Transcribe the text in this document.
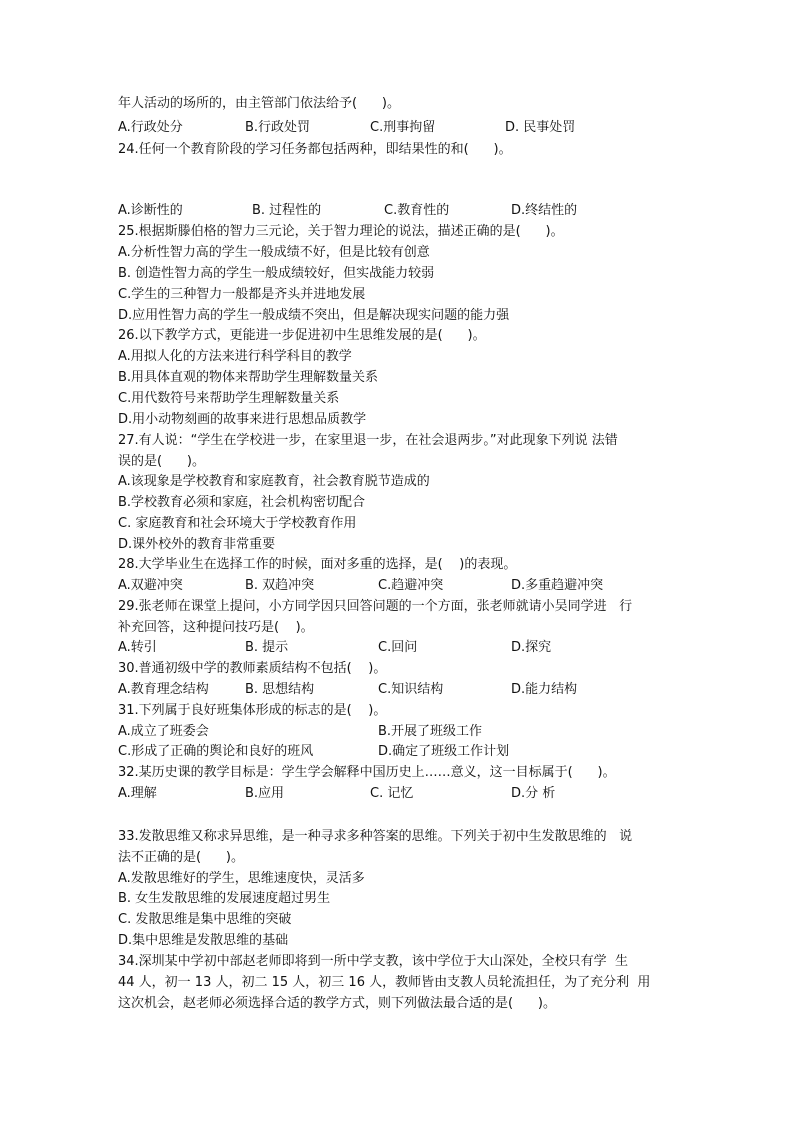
年人活动的场所的，由主管部门依法给予(      )。
A.行政处分	B.行政处罚	C.刑事拘留	D. 民事处罚
24.任何一个教育阶段的学习任务都包括两种，即结果性的和(      )。
A.诊断性的	B. 过程性的	C.教育性的	D.终结性的
25.根据斯滕伯格的智力三元论，关于智力理论的说法，描述正确的是(      )。
A.分析性智力高的学生一般成绩不好，但是比较有创意
B. 创造性智力高的学生一般成绩较好，但实战能力较弱
C.学生的三种智力一般都是齐头并进地发展
D.应用性智力高的学生一般成绩不突出，但是解决现实问题的能力强
26.以下教学方式，更能进一步促进初中生思维发展的是(      )。
A.用拟人化的方法来进行科学科目的教学
B.用具体直观的物体来帮助学生理解数量关系
C.用代数符号来帮助学生理解数量关系
D.用小动物刻画的故事来进行思想品质教学
27.有人说：“学生在学校进一步，在家里退一步，在社会退两步。”对此现象下列说 法错
误的是(      )。
A.该现象是学校教育和家庭教育，社会教育脱节造成的
B.学校教育必须和家庭，社会机构密切配合
C. 家庭教育和社会环境大于学校教育作用
D.课外校外的教育非常重要
28.大学毕业生在选择工作的时候，面对多重的选择，是(    )的表现。
A.双避冲突	B. 双趋冲突	C.趋避冲突	D.多重趋避冲突
29.张老师在课堂上提问，小方同学因只回答问题的一个方面，张老师就请小吴同学进   行
补充回答，这种提问技巧是(    )。
A.转引	B. 提示	C.回问	D.探究
30.普通初级中学的教师素质结构不包括(    )。
A.教育理念结构	B. 思想结构	C.知识结构	D.能力结构
31.下列属于良好班集体形成的标志的是(    )。
A.成立了班委会	B.开展了班级工作
C.形成了正确的舆论和良好的班风	D.确定了班级工作计划
32.某历史课的教学目标是：学生学会解释中国历史上……意义，这一目标属于(      )。
A.理解	B.应用	C. 记忆	D.分 析
33.发散思维又称求异思维，是一种寻求多种答案的思维。下列关于初中生发散思维的   说
法不正确的是(      )。
A.发散思维好的学生，思维速度快，灵活多
B. 女生发散思维的发展速度超过男生
C. 发散思维是集中思维的突破
D.集中思维是发散思维的基础
34.深圳某中学初中部赵老师即将到一所中学支教，该中学位于大山深处，全校只有学  生
44 人，初一 13 人，初二 15 人，初三 16 人，教师皆由支教人员轮流担任，为了充分利  用
这次机会，赵老师必须选择合适的教学方式，则下列做法最合适的是(      )。
